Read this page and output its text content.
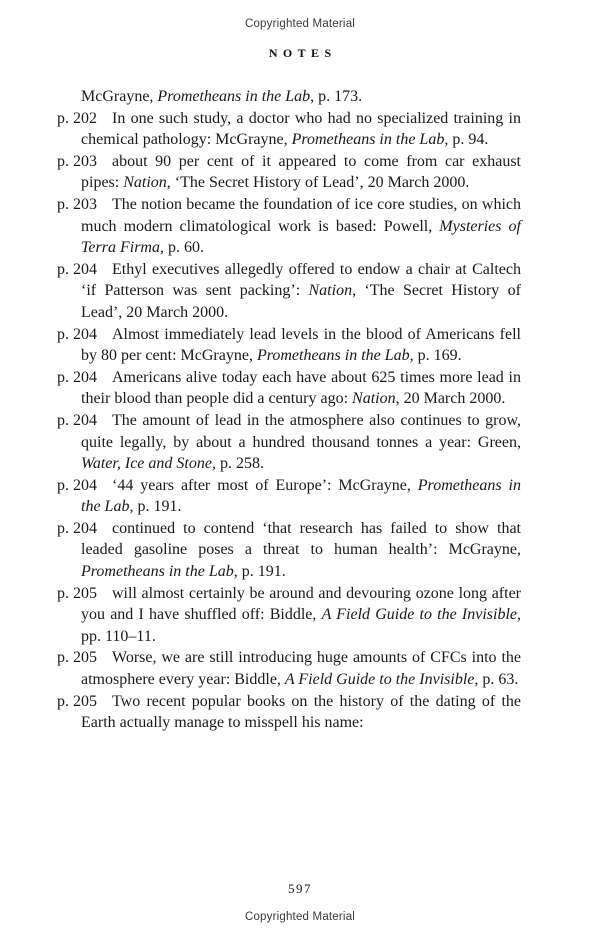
Copyrighted Material
NOTES
McGrayne, Prometheans in the Lab, p. 173.
p. 202 In one such study, a doctor who had no specialized training in chemical pathology: McGrayne, Prometheans in the Lab, p. 94.
p. 203 about 90 per cent of it appeared to come from car exhaust pipes: Nation, ‘The Secret History of Lead’, 20 March 2000.
p. 203 The notion became the foundation of ice core studies, on which much modern climatological work is based: Powell, Mysteries of Terra Firma, p. 60.
p. 204 Ethyl executives allegedly offered to endow a chair at Caltech ‘if Patterson was sent packing’: Nation, ‘The Secret History of Lead’, 20 March 2000.
p. 204 Almost immediately lead levels in the blood of Americans fell by 80 per cent: McGrayne, Prometheans in the Lab, p. 169.
p. 204 Americans alive today each have about 625 times more lead in their blood than people did a century ago: Nation, 20 March 2000.
p. 204 The amount of lead in the atmosphere also continues to grow, quite legally, by about a hundred thousand tonnes a year: Green, Water, Ice and Stone, p. 258.
p. 204 ‘44 years after most of Europe’: McGrayne, Prometheans in the Lab, p. 191.
p. 204 continued to contend ‘that research has failed to show that leaded gasoline poses a threat to human health’: McGrayne, Prometheans in the Lab, p. 191.
p. 205 will almost certainly be around and devouring ozone long after you and I have shuffled off: Biddle, A Field Guide to the Invisible, pp. 110–11.
p. 205 Worse, we are still introducing huge amounts of CFCs into the atmosphere every year: Biddle, A Field Guide to the Invisible, p. 63.
p. 205 Two recent popular books on the history of the dating of the Earth actually manage to misspell his name:
597
Copyrighted Material
